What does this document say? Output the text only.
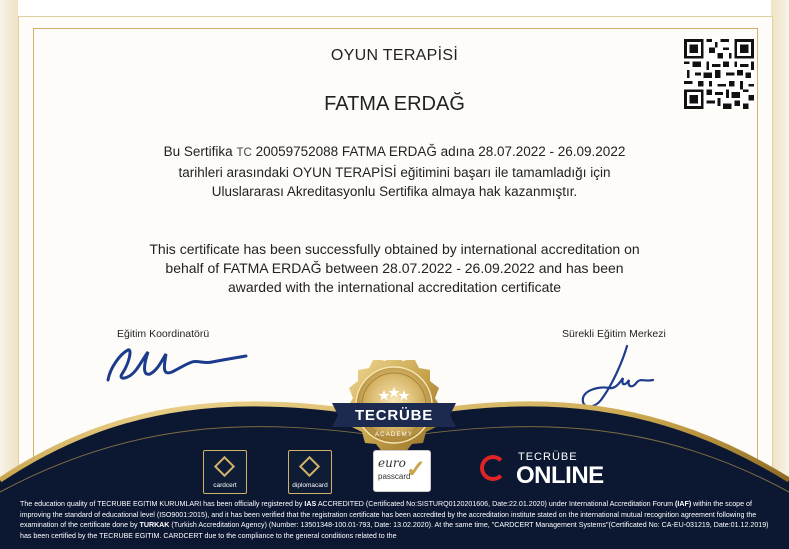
OYUN TERAPİSİ
FATMA ERDAĞ

Bu Sertifika TC 20059752088 FATMA ERDAĞ adına 28.07.2022 - 26.09.2022
tarihleri arasındaki OYUN TERAPİSİ eğitimini başarı ile tamamladığı için
Uluslararası Akreditasyonlu Sertifika almaya hak kazanmıştır.

This certificate has been successfully obtained by international accreditation on
behalf of FATMA ERDAĞ between 28.07.2022 - 26.09.2022 and has been
awarded with the international accreditation certificate

Eğitim Koordinatörü	Sürekli Eğitim Merkezi
TECRÜBE
ACADEMY
cardcert	diplomacard
euro
passcard
✓	TECRÜBE
ONLINE

The education quality of TECRUBE EGITIM KURUMLARI has been officially registered by IAS ACCREDITED (Certificated No:SISTURQ0120201606, Date:22.01.2020) under International Accreditation Forum (IAF) within the scope of improving the standard of educational level (ISO9001:2015), and it has been verified that the registration certificate has been accredited by the accreditation institute stated on the international mutual recognition agreement following the examination of the certificate done by TURKAK (Turkish Accreditation Agency) (Number: 13501348-100.01-793, Date: 13.02.2020). At the same time, "CARDCERT Management Systems"(Certificated No: CA-EU-031219, Date:01.12.2019) has been certified by the TECRUBE EGITIM. CARDCERT due to the compliance to the general conditions related to the
